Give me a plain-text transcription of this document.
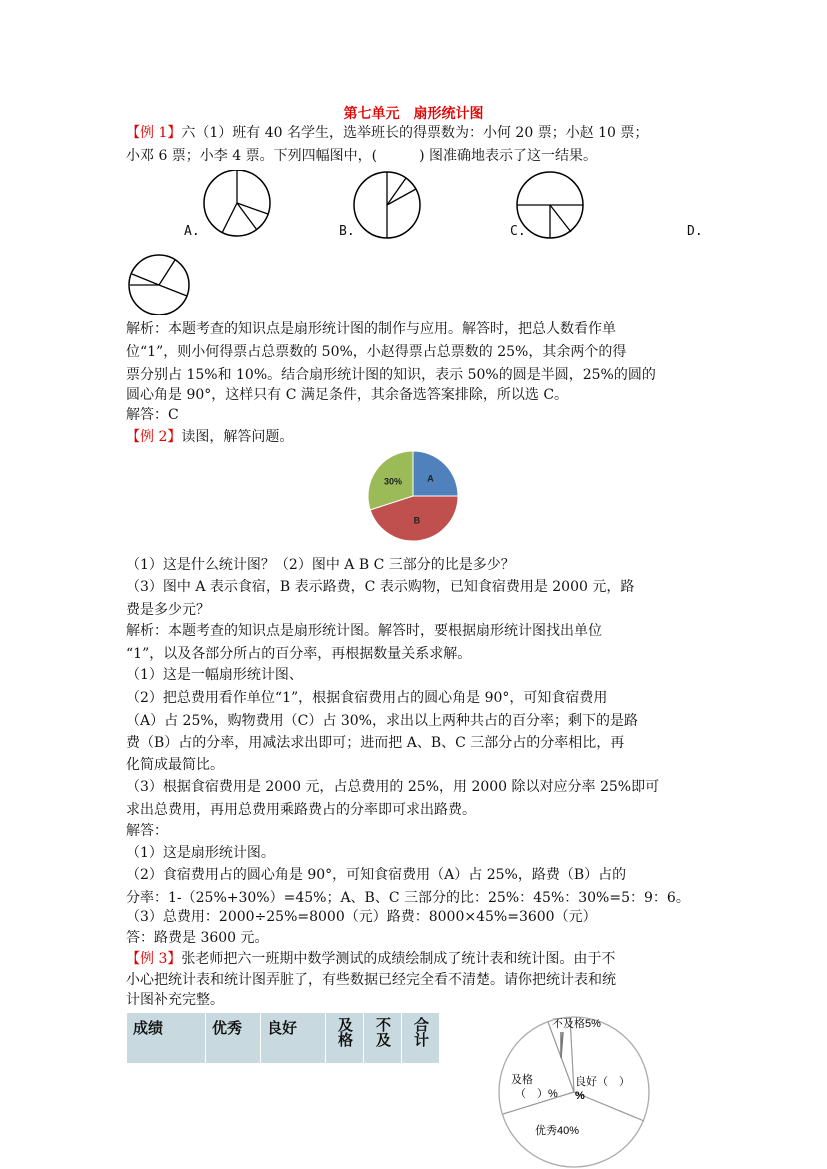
第七单元　扇形统计图
【例 1】六（1）班有 40 名学生，选举班长的得票数为：小何 20 票；小赵 10 票；
小邓 6 票；小李 4 票。下列四幅图中，(　　　) 图准确地表示了这一结果。
A.	B.	C.	D.
解析：本题考查的知识点是扇形统计图的制作与应用。解答时，把总人数看作单
位“1”，则小何得票占总票数的 50%，小赵得票占总票数的 25%，其余两个的得
票分别占 15%和 10%。结合扇形统计图的知识，表示 50%的圆是半圆，25%的圆的
圆心角是 90°，这样只有 C 满足条件，其余备选答案排除，所以选 C。
解答：C
【例 2】读图，解答问题。
A
B
30%
（1）这是什么统计图？（2）图中 A B C 三部分的比是多少？
（3）图中 A 表示食宿，B 表示路费，C 表示购物，已知食宿费用是 2000 元，路
费是多少元？
解析：本题考查的知识点是扇形统计图。解答时，要根据扇形统计图找出单位
“1”，以及各部分所占的百分率，再根据数量关系求解。
（1）这是一幅扇形统计图、
（2）把总费用看作单位“1”，根据食宿费用占的圆心角是 90°，可知食宿费用
（A）占 25%，购物费用（C）占 30%，求出以上两种共占的百分率；剩下的是路
费（B）占的分率，用减法求出即可；进而把 A、B、C 三部分占的分率相比，再
化简成最简比。
（3）根据食宿费用是 2000 元，占总费用的 25%，用 2000 除以对应分率 25%即可
求出总费用，再用总费用乘路费占的分率即可求出路费。
解答：
（1）这是扇形统计图。
（2）食宿费用占的圆心角是 90°，可知食宿费用（A）占 25%，路费（B）占的
分率：1-（25%+30%）=45%；A、B、C 三部分的比：25%：45%：30%=5：9：6。
（3）总费用：2000÷25%=8000（元）路费：8000×45%=3600（元）
答：路费是 3600 元。
【例 3】张老师把六一班期中数学测试的成绩绘制成了统计表和统计图。由于不
小心把统计表和统计图弄脏了，有些数据已经完全看不清楚。请你把统计表和统
计图补充完整。
成绩	优秀	良好	及格	不及	合计	不及格5%
良好（　）
%
及格
（　）%
优秀40%
